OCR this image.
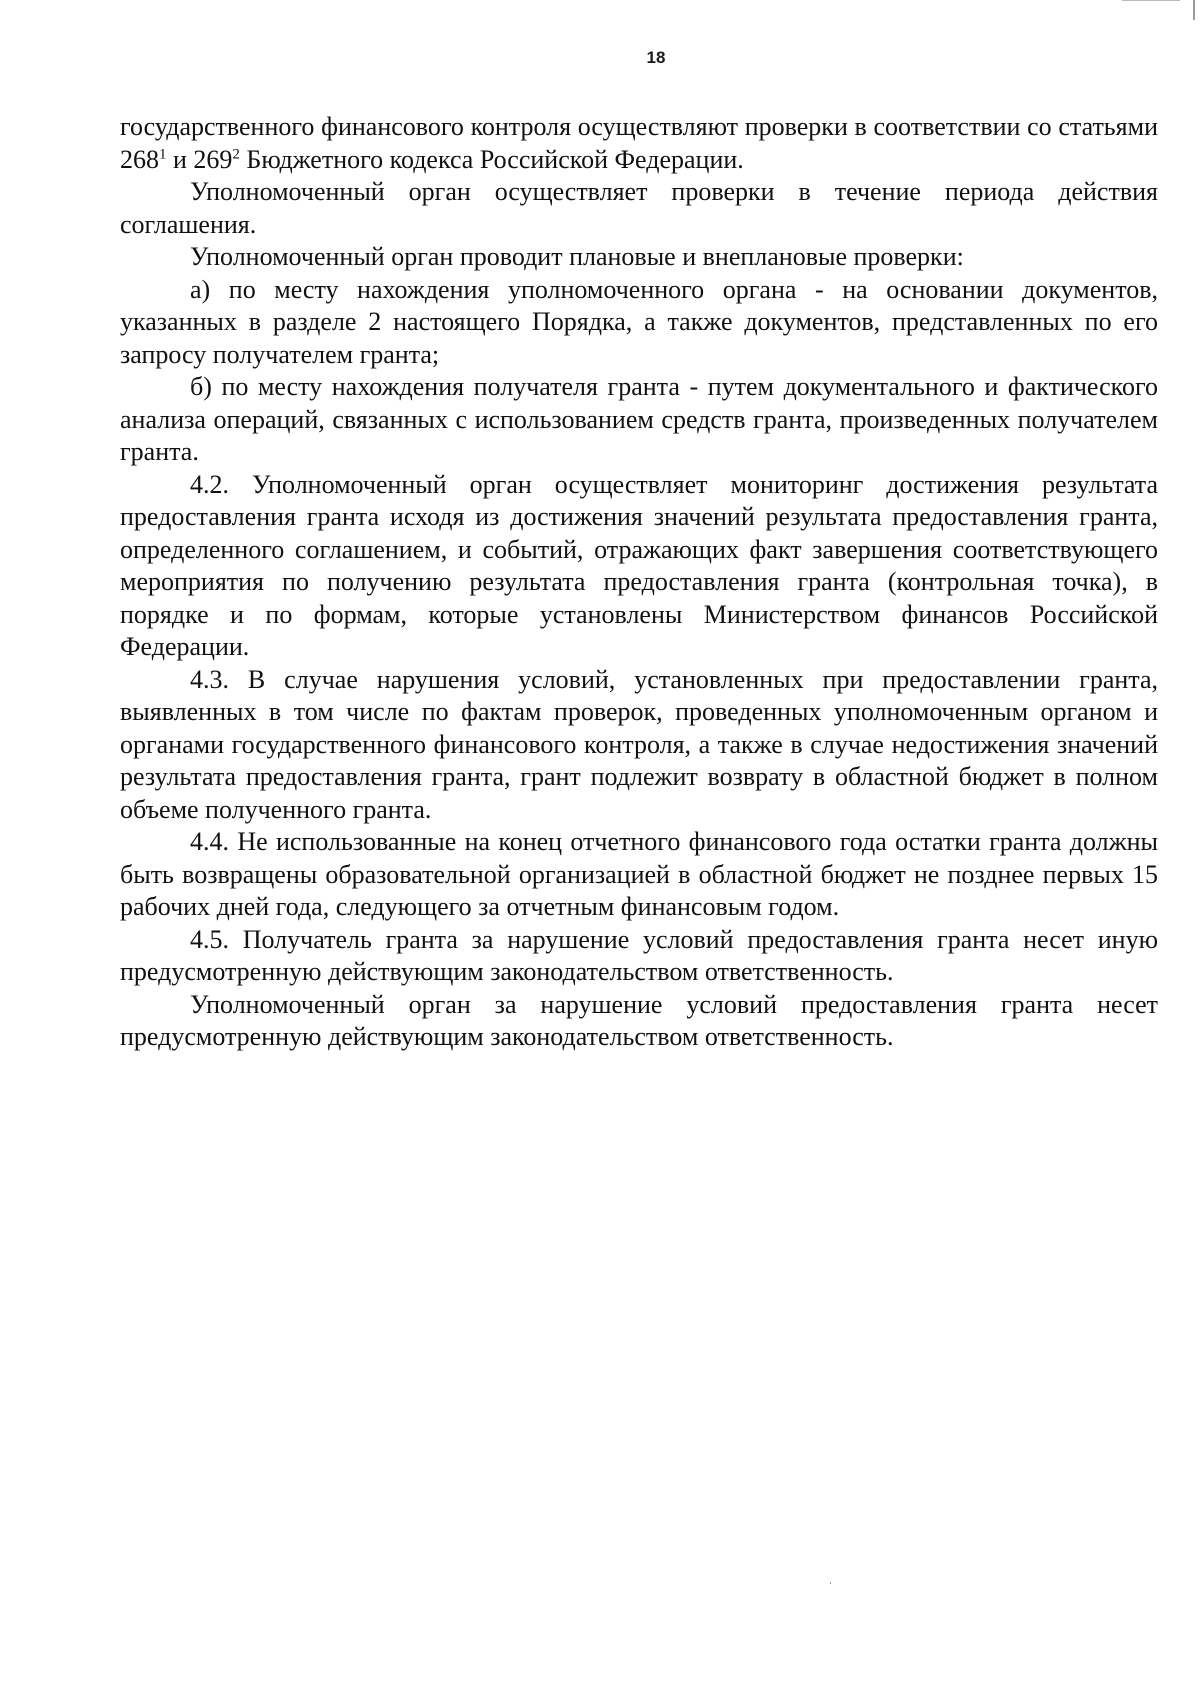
18

государственного финансового контроля осуществляют проверки в соответствии со статьями $268^1$ и $269^2$ Бюджетного кодекса Российской Федерации.

Уполномоченный орган осуществляет проверки в течение периода действия соглашения.

Уполномоченный орган проводит плановые и внеплановые проверки:

а) по месту нахождения уполномоченного органа - на основании документов, указанных в разделе 2 настоящего Порядка, а также документов, представленных по его запросу получателем гранта;

б) по месту нахождения получателя гранта - путем документального и фактического анализа операций, связанных с использованием средств гранта, произведенных получателем гранта.

4.2. Уполномоченный орган осуществляет мониторинг достижения результата предоставления гранта исходя из достижения значений результата предоставления гранта, определенного соглашением, и событий, отражающих факт завершения соответствующего мероприятия по получению результата предоставления гранта (контрольная точка), в порядке и по формам, которые установлены Министерством финансов Российской Федерации.

4.3. В случае нарушения условий, установленных при предоставлении гранта, выявленных в том числе по фактам проверок, проведенных уполномоченным органом и органами государственного финансового контроля, а также в случае недостижения значений результата предоставления гранта, грант подлежит возврату в областной бюджет в полном объеме полученного гранта.

4.4. Не использованные на конец отчетного финансового года остатки гранта должны быть возвращены образовательной организацией в областной бюджет не позднее первых 15 рабочих дней года, следующего за отчетным финансовым годом.

4.5. Получатель гранта за нарушение условий предоставления гранта несет иную предусмотренную действующим законодательством ответственность.

Уполномоченный орган за нарушение условий предоставления гранта несет предусмотренную действующим законодательством ответственность.
